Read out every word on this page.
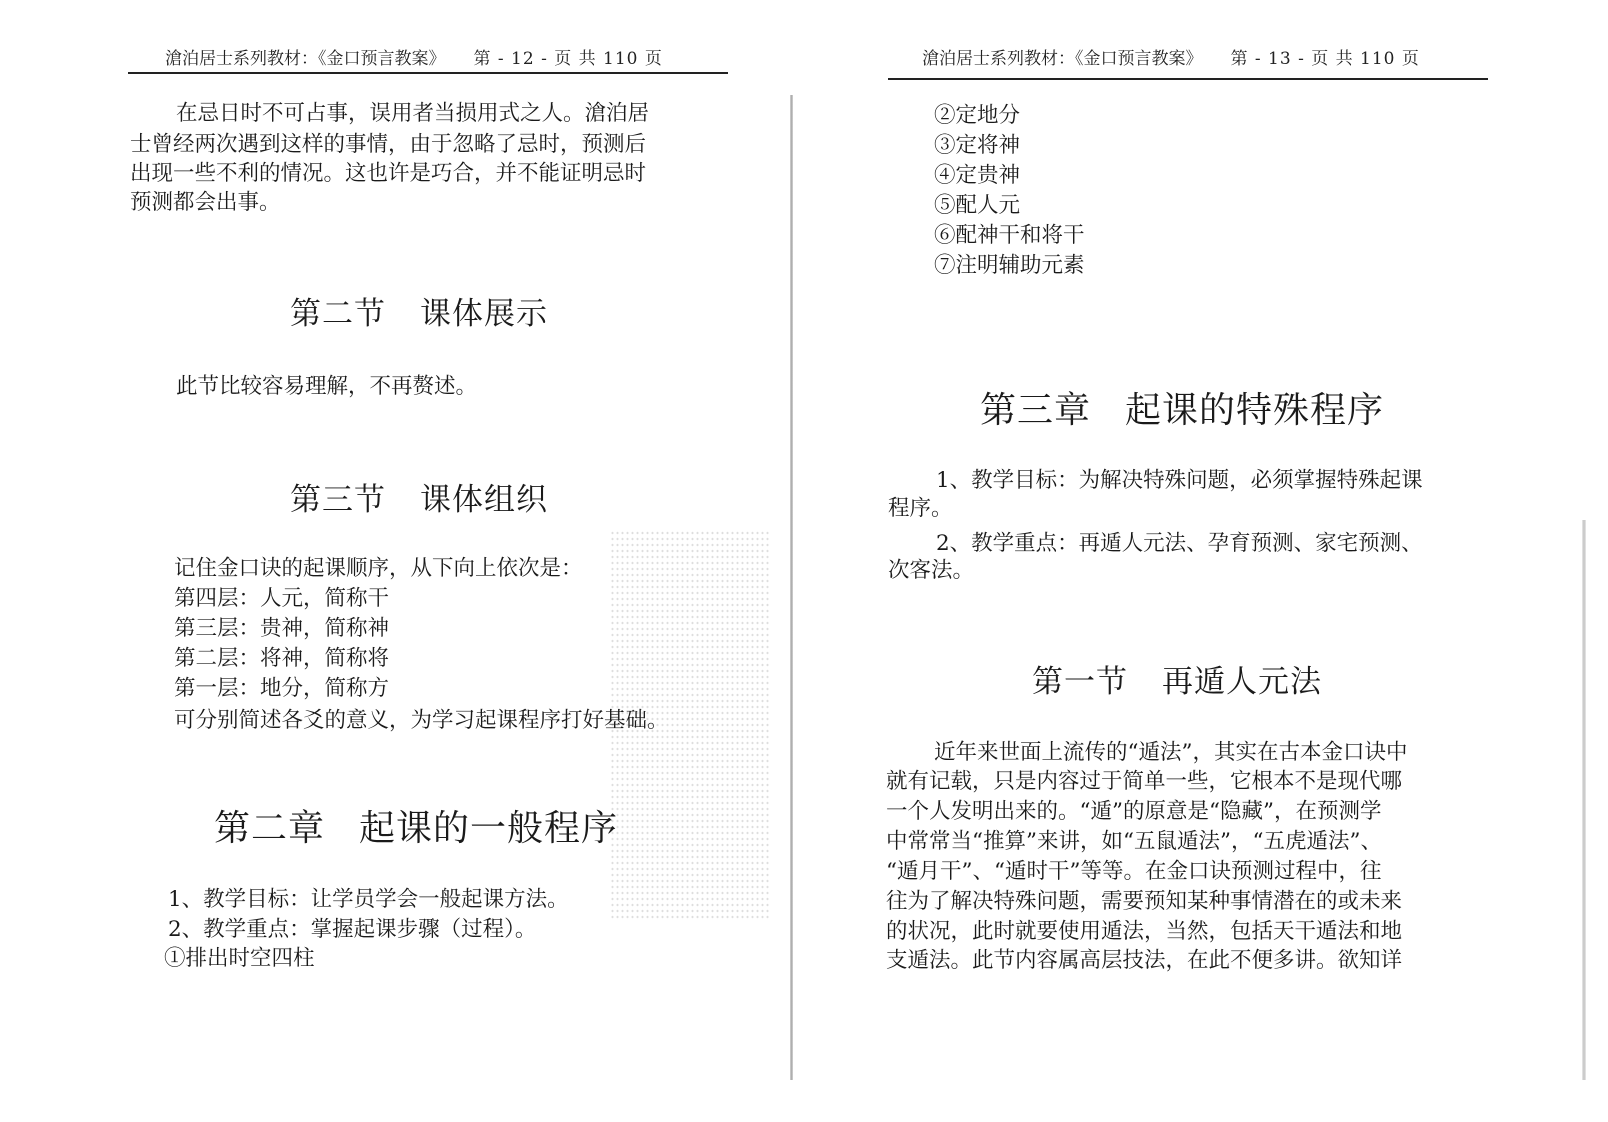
滄泊居士系列教材：《金口预言教案》 第 - 12 - 页 共 110 页
在忌日时不可占事，误用者当损用式之人。滄泊居
士曾经两次遇到这样的事情，由于忽略了忌时，预测后
出现一些不利的情况。这也许是巧合，并不能证明忌时
预测都会出事。
第二节 课体展示
此节比较容易理解，不再赘述。
第三节 课体组织
记住金口诀的起课顺序，从下向上依次是：
第四层：人元，简称干
第三层：贵神，简称神
第二层：将神，简称将
第一层：地分，简称方
可分别简述各爻的意义，为学习起课程序打好基础。
第二章 起课的一般程序
1、教学目标：让学员学会一般起课方法。
2、教学重点：掌握起课步骤（过程）。
①排出时空四柱
滄泊居士系列教材：《金口预言教案》 第 - 13 - 页 共 110 页
②定地分
③定将神
④定贵神
⑤配人元
⑥配神干和将干
⑦注明辅助元素
第三章 起课的特殊程序
1、教学目标：为解决特殊问题，必须掌握特殊起课
程序。
2、教学重点：再遁人元法、孕育预测、家宅预测、
次客法。
第一节 再遁人元法
近年来世面上流传的“遁法”，其实在古本金口诀中
就有记载，只是内容过于简单一些，它根本不是现代哪
一个人发明出来的。“遁”的原意是“隐藏”，在预测学
中常常当“推算”来讲，如“五鼠遁法”，“五虎遁法”、
“遁月干”、“遁时干”等等。在金口诀预测过程中，往
往为了解决特殊问题，需要预知某种事情潜在的或未来
的状况，此时就要使用遁法，当然，包括天干遁法和地
支遁法。此节内容属高层技法，在此不便多讲。欲知详
